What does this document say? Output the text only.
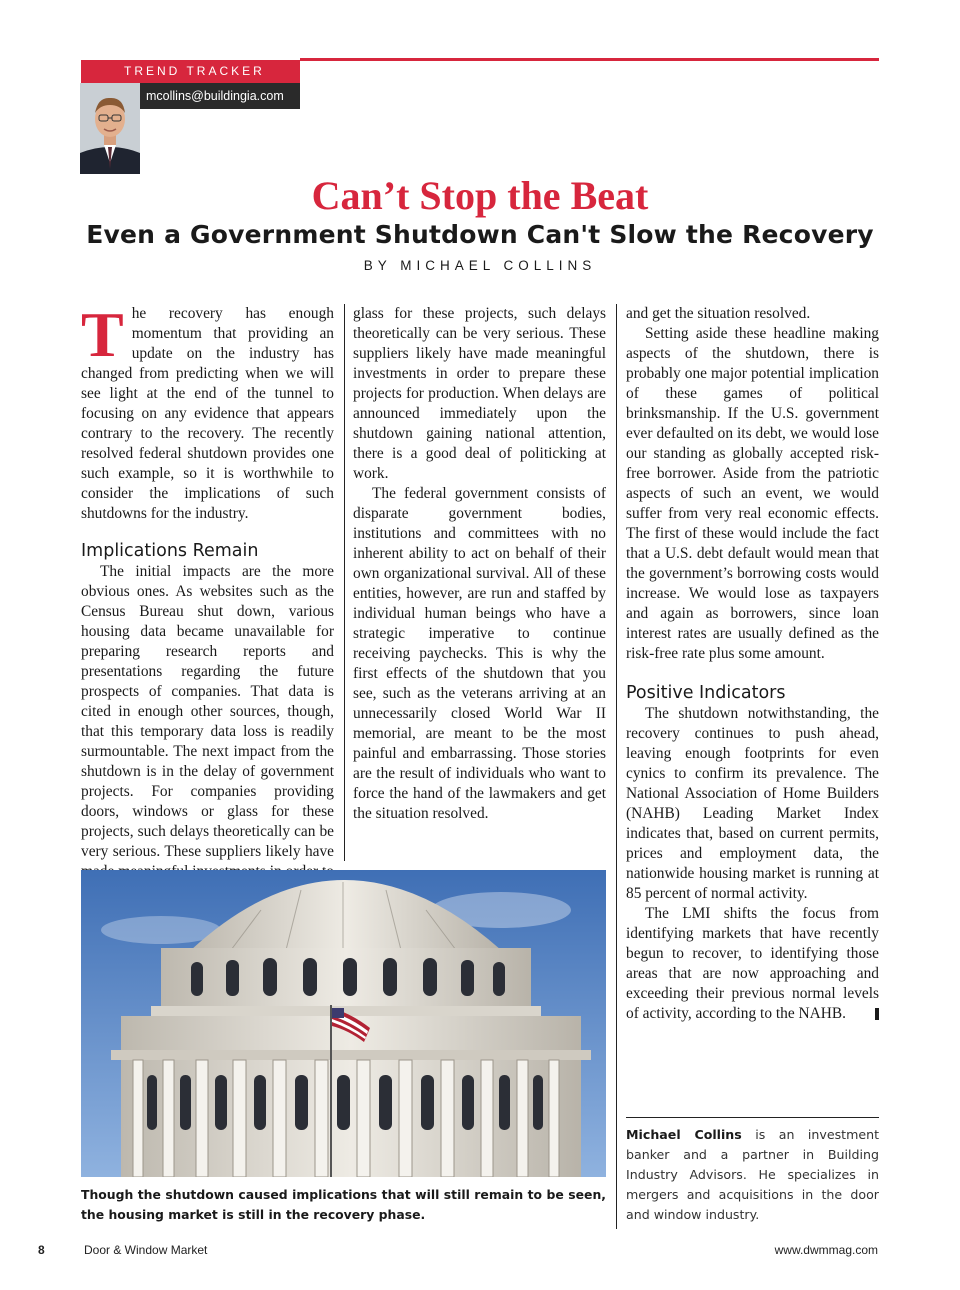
TREND TRACKER
mcollins@buildingia.com
Can’t Stop the Beat
Even a Government Shutdown Can't Slow the Recovery
BY MICHAEL COLLINS

The recovery has enough momentum that providing an update on the industry has changed from predicting when we will see light at the end of the tunnel to focusing on any evidence that appears contrary to the recovery. The recently resolved federal shutdown provides one such example, so it is worthwhile to consider the implications of such shutdowns for the industry.

Implications Remain

The initial impacts are the more obvious ones. As websites such as the Census Bureau shut down, various housing data became unavailable for preparing research reports and presentations regarding the future prospects of companies. That data is cited in enough other sources, though, that this temporary data loss is readily surmountable. The next impact from the shutdown is in the delay of government projects. For companies providing doors, windows or glass for these projects, such delays theoretically can be very serious. These suppliers likely have

glass for these projects, such delays theoretically can be very serious. These suppliers likely have made meaningful investments in order to prepare these projects for production. When delays are announced immediately upon the shutdown gaining national attention, there is a good deal of politicking at work.

The federal government consists of disparate government bodies, institutions and committees with no inherent ability to act on behalf of their own organizational survival. All of these entities, however, are run and staffed by individual human beings who have a strategic imperative to continue receiving paychecks. This is why the first effects of the shutdown that you see, such as the veterans arriving at an unnecessarily closed World War II memorial, are meant to be the most painful and embarrassing. Those stories are the result of individuals who want to force the hand of the lawmakers and get the situation resolved.

and get the situation resolved.

Setting aside these headline making aspects of the shutdown, there is probably one major potential implication of these games of political brinksmanship. If the U.S. government ever defaulted on its debt, we would lose our standing as globally accepted risk-free borrower. Aside from the patriotic aspects of such an event, we would suffer from very real economic effects. The first of these would include the fact that a U.S. debt default would mean that the government’s borrowing costs would increase. We would lose as taxpayers and again as borrowers, since loan interest rates are usually defined as the risk-free rate plus some amount.

Positive Indicators

The shutdown notwithstanding, the recovery continues to push ahead, leaving enough footprints for even cynics to confirm its prevalence. The National Association of Home Builders (NAHB) Leading Market Index indicates that, based on current permits, prices and employment data, the nationwide housing market is running at 85 percent of normal activity.

The LMI shifts the focus from identifying markets that have recently begun to recover, to identifying those areas that are now approaching and exceeding their previous normal levels of activity, according to the NAHB.

Though the shutdown caused implications that will still remain to be seen, the housing market is still in the recovery phase.
Michael Collins is an investment banker and a partner in Building Industry Advisors. He specializes in mergers and acquisitions in the door and window industry.
8	Door & Window Market	www.dwmmag.com
